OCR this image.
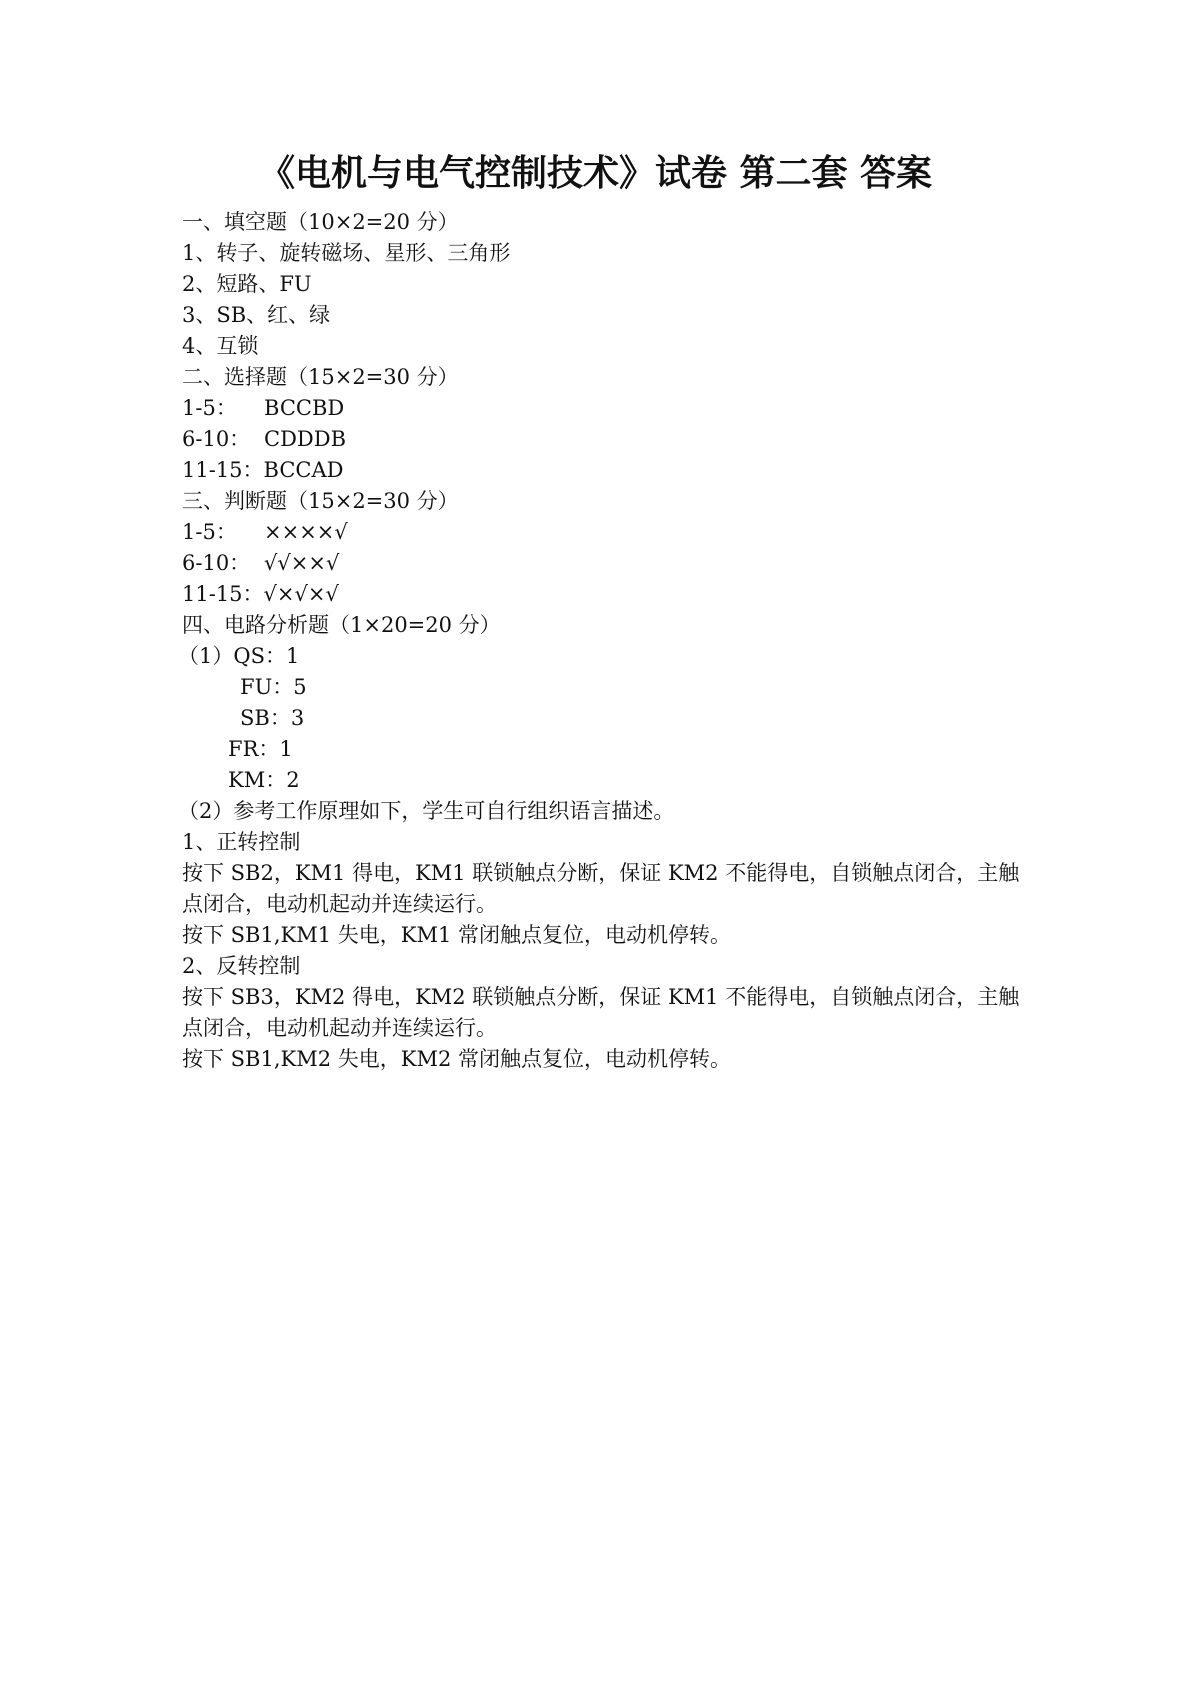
《电机与电气控制技术》试卷 第二套 答案
一、填空题（10×2=20 分）
1、转子、旋转磁场、星形、三角形
2、短路、FU
3、SB、红、绿
4、互锁
二、选择题（15×2=30 分）
1-5： BCCBD
6-10： CDDDB
11-15：BCCAD
三、判断题（15×2=30 分）
1-5： ××××√
6-10： √√××√
11-15：√×√×√
四、电路分析题（1×20=20 分）
（1）QS：1
FU：5
SB：3
FR：1
KM：2
（2）参考工作原理如下，学生可自行组织语言描述。
1、正转控制
按下 SB2，KM1 得电，KM1 联锁触点分断，保证 KM2 不能得电，自锁触点闭合，主触点闭合，电动机起动并连续运行。
按下 SB1,KM1 失电，KM1 常闭触点复位，电动机停转。
2、反转控制
按下 SB3，KM2 得电，KM2 联锁触点分断，保证 KM1 不能得电，自锁触点闭合，主触点闭合，电动机起动并连续运行。
按下 SB1,KM2 失电，KM2 常闭触点复位，电动机停转。
